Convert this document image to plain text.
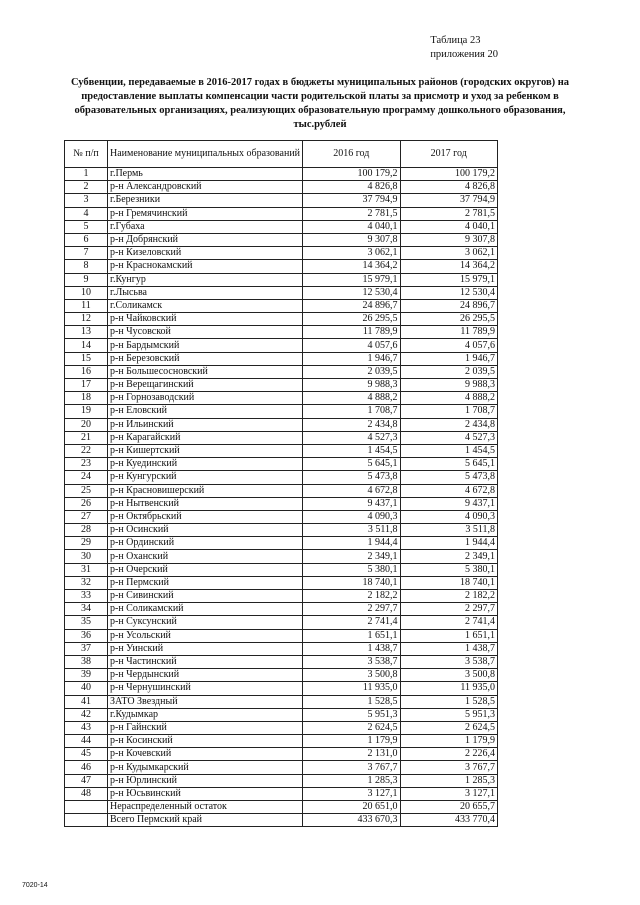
Таблица 23
приложения 20
Субвенции, передаваемые в 2016-2017 годах в бюджеты муниципальных районов (городских округов) на предоставление выплаты компенсации части родительской платы за присмотр и уход за ребенком в образовательных организациях, реализующих образовательную программу дошкольного образования, тыс.рублей
№ п/п	Наименование муниципальных образований	2016 год	2017 год
1	г.Пермь	100 179,2	100 179,2
2	р-н Александровский	4 826,8	4 826,8
3	г.Березники	37 794,9	37 794,9
4	р-н Гремячинский	2 781,5	2 781,5
5	г.Губаха	4 040,1	4 040,1
6	р-н Добрянский	9 307,8	9 307,8
7	р-н Кизеловский	3 062,1	3 062,1
8	р-н Краснокамский	14 364,2	14 364,2
9	г.Кунгур	15 979,1	15 979,1
10	г.Лысьва	12 530,4	12 530,4
11	г.Соликамск	24 896,7	24 896,7
12	р-н Чайковский	26 295,5	26 295,5
13	р-н Чусовской	11 789,9	11 789,9
14	р-н Бардымский	4 057,6	4 057,6
15	р-н Березовский	1 946,7	1 946,7
16	р-н Большесосновский	2 039,5	2 039,5
17	р-н Верещагинский	9 988,3	9 988,3
18	р-н Горнозаводский	4 888,2	4 888,2
19	р-н Еловский	1 708,7	1 708,7
20	р-н Ильинский	2 434,8	2 434,8
21	р-н Карагайский	4 527,3	4 527,3
22	р-н Кишертский	1 454,5	1 454,5
23	р-н Куединский	5 645,1	5 645,1
24	р-н Кунгурский	5 473,8	5 473,8
25	р-н Красновишерский	4 672,8	4 672,8
26	р-н Нытвенский	9 437,1	9 437,1
27	р-н Октябрьский	4 090,3	4 090,3
28	р-н Осинский	3 511,8	3 511,8
29	р-н Ординский	1 944,4	1 944,4
30	р-н Оханский	2 349,1	2 349,1
31	р-н Очерский	5 380,1	5 380,1
32	р-н Пермский	18 740,1	18 740,1
33	р-н Сивинский	2 182,2	2 182,2
34	р-н Соликамский	2 297,7	2 297,7
35	р-н Суксунский	2 741,4	2 741,4
36	р-н Усольский	1 651,1	1 651,1
37	р-н Уинский	1 438,7	1 438,7
38	р-н Частинский	3 538,7	3 538,7
39	р-н Чердынский	3 500,8	3 500,8
40	р-н Чернушинский	11 935,0	11 935,0
41	ЗАТО Звездный	1 528,5	1 528,5
42	г.Кудымкар	5 951,3	5 951,3
43	р-н Гайнский	2 624,5	2 624,5
44	р-н Косинский	1 179,9	1 179,9
45	р-н Кочевский	2 131,0	2 226,4
46	р-н Кудымкарский	3 767,7	3 767,7
47	р-н Юрлинский	1 285,3	1 285,3
48	р-н Юсьвинский	3 127,1	3 127,1
	Нераспределенный остаток	20 651,0	20 655,7
	Всего Пермский край	433 670,3	433 770,4
7020-14
